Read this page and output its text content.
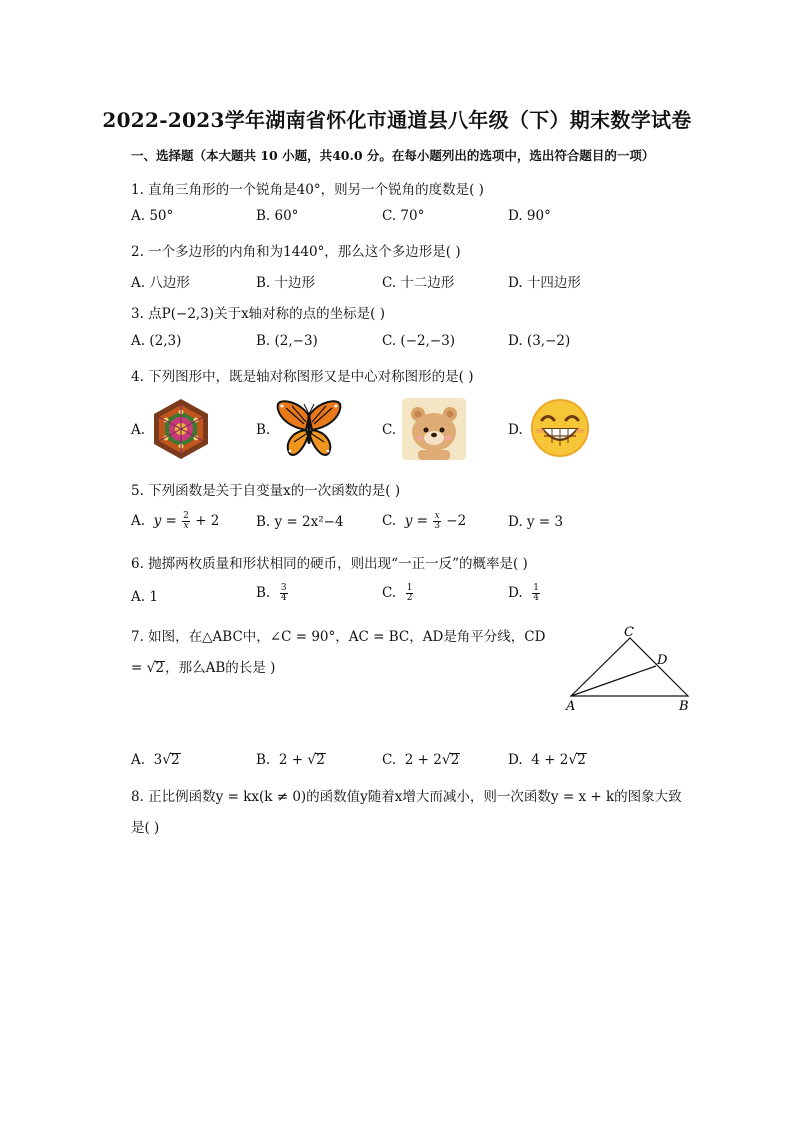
2022-2023学年湖南省怀化市通道县八年级（下）期末数学试卷
一、选择题（本大题共 10 小题，共40.0 分。在每小题列出的选项中，选出符合题目的一项）
1. 直角三角形的一个锐角是40°，则另一个锐角的度数是( )
A. 50°	B. 60°	C. 70°	D. 90°
2. 一个多边形的内角和为1440°，那么这个多边形是( )
A. 八边形	B. 十边形	C. 十二边形	D. 十四边形
3. 点P(−2,3)关于x轴对称的点的坐标是( )
A. (2,3)	B. (2,−3)	C. (−2,−3)	D. (3,−2)
4. 下列图形中，既是轴对称图形又是中心对称图形的是( )
A.	B.	C.	D.
5. 下列函数是关于自变量x的一次函数的是( )
A. $y = \frac{2}{x} + 2$	B. y = 2x²−4	C. $y = \frac{x}{3} -2$	D. y = 3
6. 抛掷两枚质量和形状相同的硬币，则出现“一正一反”的概率是( )
A. 1	B. $\frac{3}{4}$	C. $\frac{1}{2}$	D. $\frac{1}{4}$
7. 如图，在△ABC中，∠C = 90°，AC = BC，AD是角平分线，CD
= √2，那么AB的长是 )
C
D
A	B
A. 3√2	B. 2 + √2	C. 2 + 2√2	D. 4 + 2√2
8. 正比例函数y = kx(k ≠ 0)的函数值y随着x增大而减小，则一次函数y = x + k的图象大致
是( )
